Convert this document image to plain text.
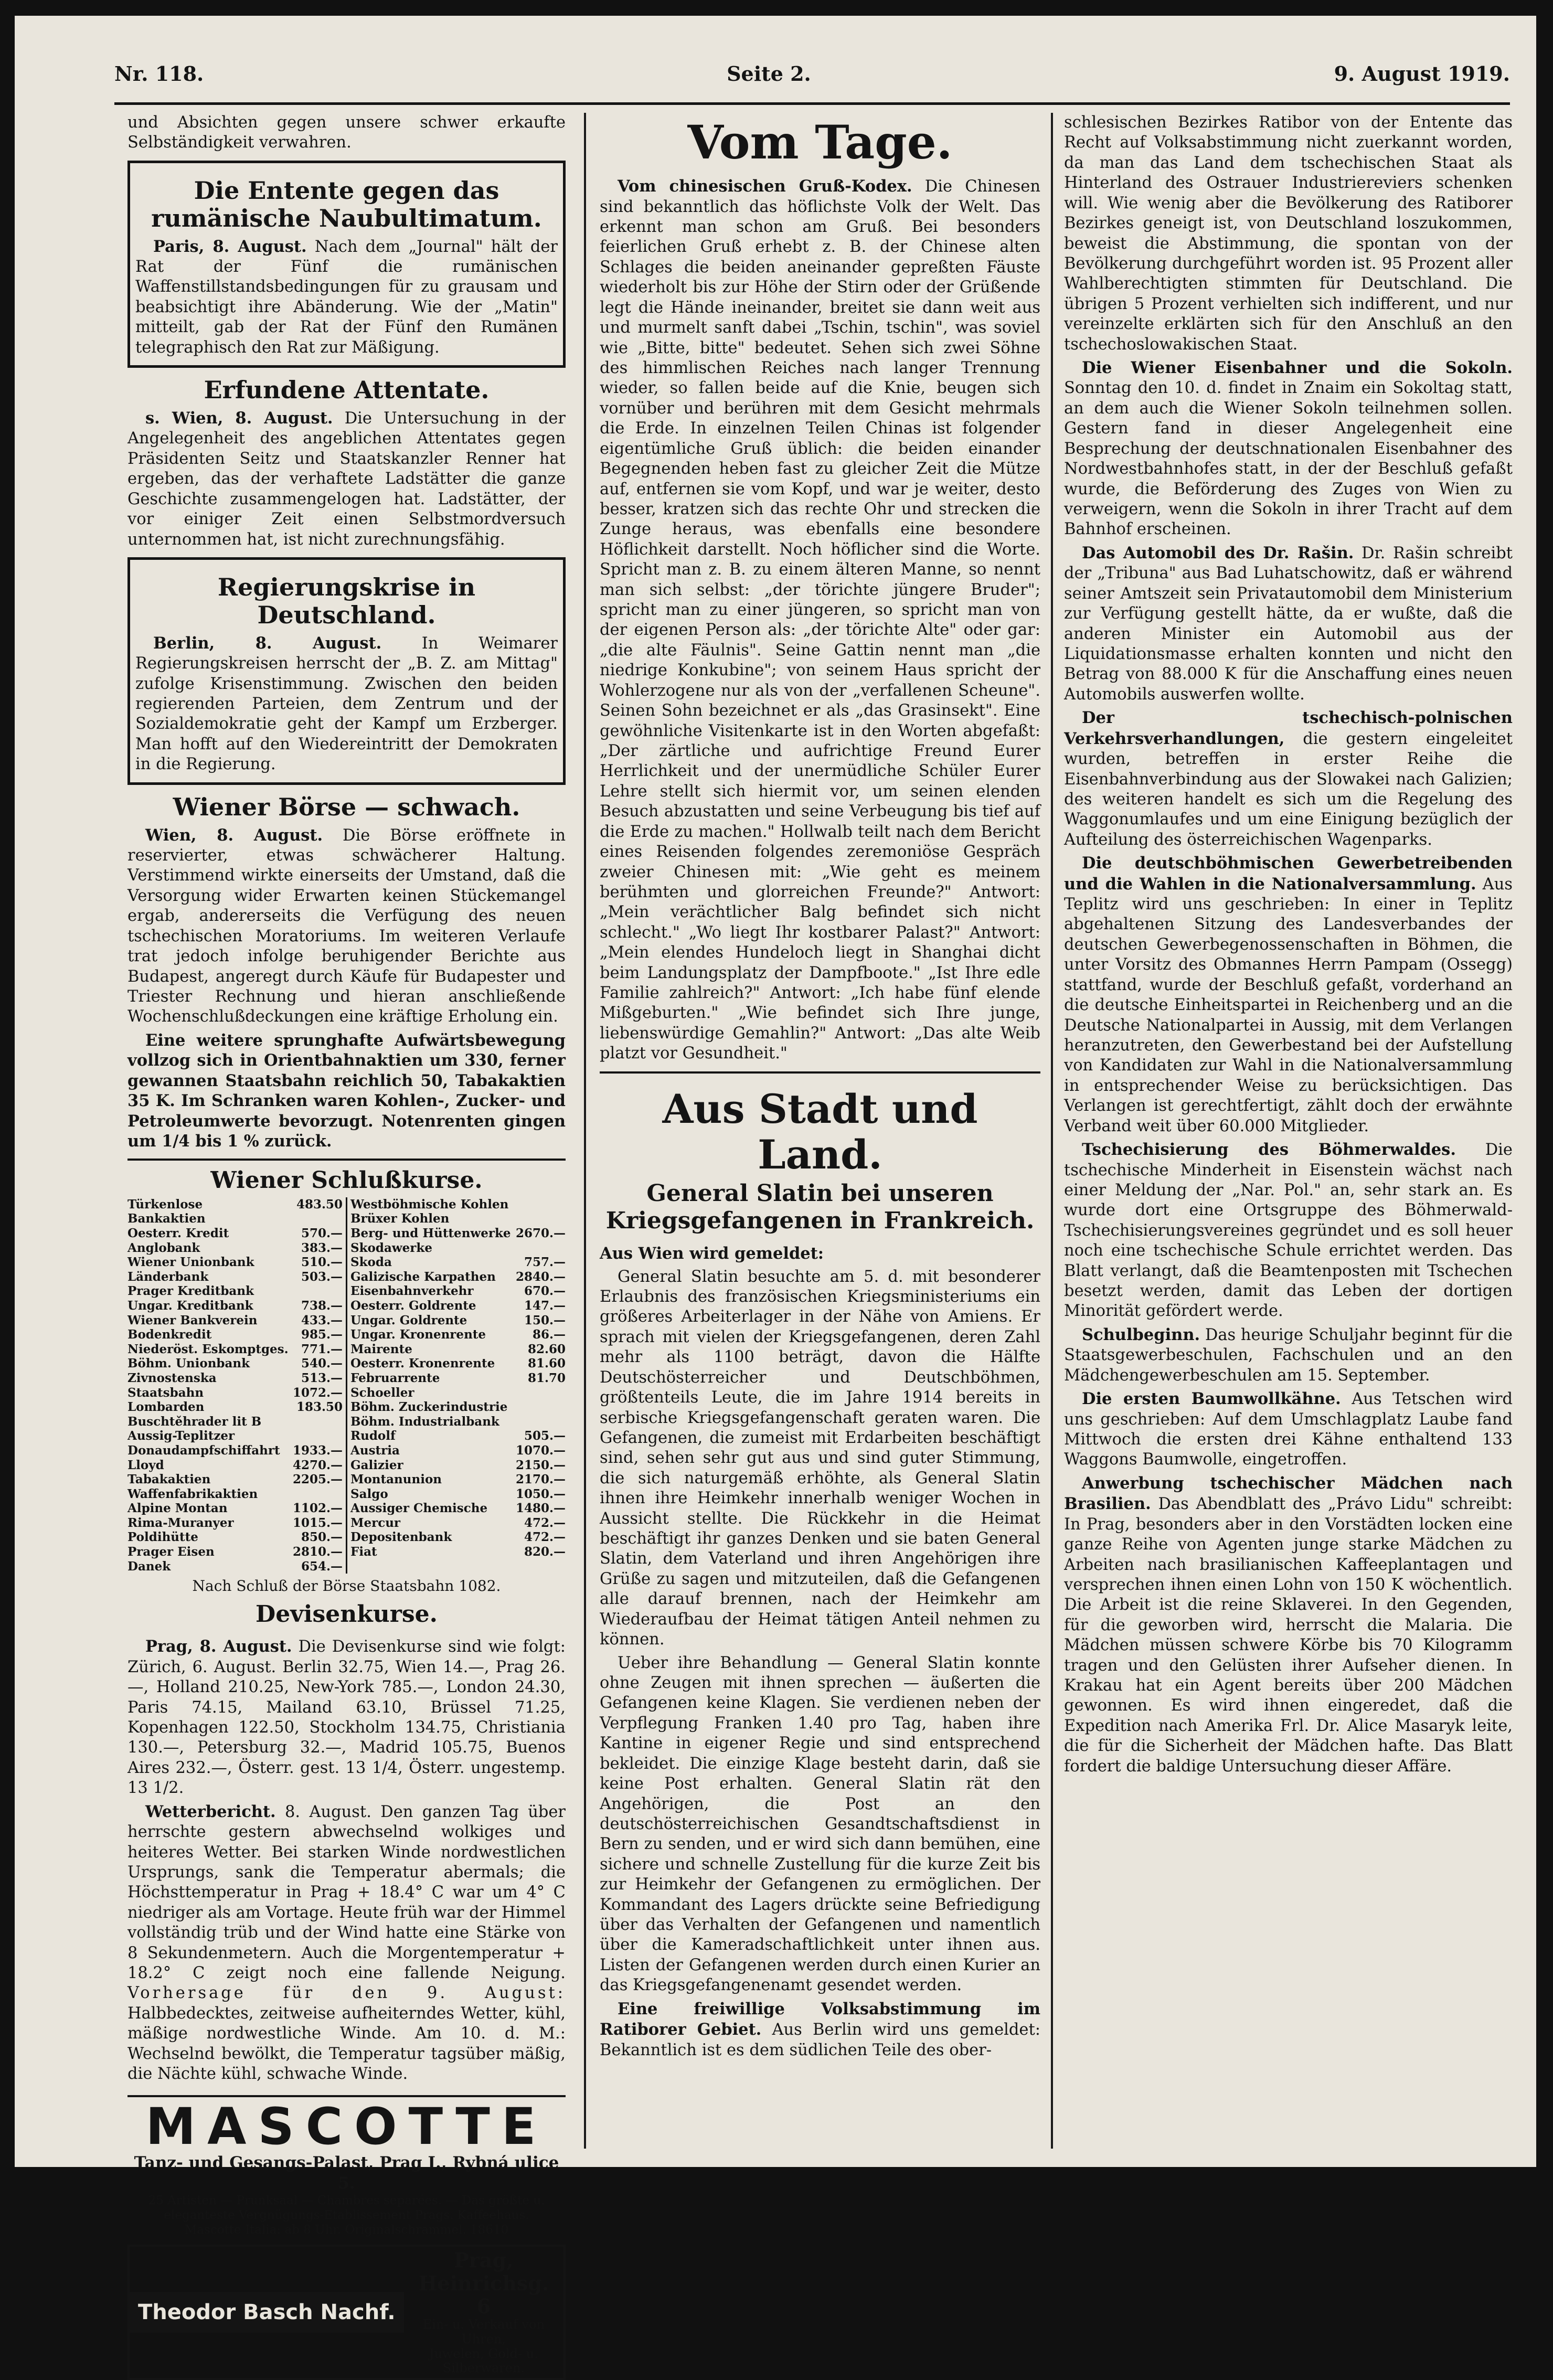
Nr. 118.	Seite 2.	9. August 1919.

und Absichten gegen unsere schwer erkaufte Selbständigkeit verwahren.

Die Entente gegen das rumänische Naubultimatum.

Paris, 8. August. Nach dem „Journal" hält der Rat der Fünf die rumänischen Waffenstillstandsbedingungen für zu grausam und beabsichtigt ihre Abänderung. Wie der „Matin" mitteilt, gab der Rat der Fünf den Rumänen telegraphisch den Rat zur Mäßigung.

Erfundene Attentate.

s. Wien, 8. August. Die Untersuchung in der Angelegenheit des angeblichen Attentates gegen Präsidenten Seitz und Staatskanzler Renner hat ergeben, das der verhaftete Ladstätter die ganze Geschichte zusammengelogen hat. Ladstätter, der vor einiger Zeit einen Selbstmordversuch unternommen hat, ist nicht zurechnungsfähig.

Regierungskrise in Deutschland.

Berlin, 8. August.	In Weimarer Regierungskreisen herrscht der „B. Z. am Mittag" zufolge Krisenstimmung. Zwischen den beiden regierenden Parteien, dem Zentrum und der Sozialdemokratie geht der Kampf um Erzberger. Man hofft auf den Wiedereintritt der Demokraten in die Regierung.

Wiener Börse — schwach.

Wien, 8. August. Die Börse eröffnete in reservierter, etwas schwächerer Haltung. Verstimmend wirkte einerseits der Umstand, daß die Versorgung wider Erwarten keinen Stückemangel ergab, andererseits die Verfügung des neuen tschechischen Moratoriums. Im weiteren Verlaufe trat jedoch infolge beruhigender Berichte aus Budapest, angeregt durch Käufe für Budapester und Triester Rechnung und hieran anschließende Wochenschlußdeckungen eine kräftige Erholung ein.

Eine weitere sprunghafte Aufwärtsbewegung vollzog sich in Orientbahnaktien um 330, ferner gewannen Staatsbahn reichlich 50, Tabakaktien 35 K. Im Schranken waren Kohlen-, Zucker- und Petroleumwerte bevorzugt. Notenrenten gingen um 1/4 bis 1 % zurück.

Wiener Schlußkurse.
Türkenlose	483.50
Bankaktien
Oesterr. Kredit	570.—
Anglobank	383.—
Wiener Unionbank	510.—
Länderbank	503.—
Prager Kreditbank
Ungar. Kreditbank	738.—
Wiener Bankverein	433.—
Bodenkredit	985.—
Niederöst. Eskomptges. 771.—
Böhm. Unionbank	540.—
Zivnostenska	513.—
Staatsbahn	1072.—
Lombarden	183.50
Buschtěhrader lit B
Aussig-Teplitzer
Donaudampfschiffahrt 1933.—
Lloyd	4270.—
Tabakaktien	2205.—
Waffenfabrikaktien
Alpine Montan	1102.—
Rima-Muranyer	1015.—
Poldihütte	850.—
Prager Eisen	2810.—
Danek	654.—
Westböhmische Kohlen
Brüxer Kohlen
Berg- und Hüttenwerke 2670.—
Skodawerke
Skoda	757.—
Galizische Karpathen 2840.—
Eisenbahnverkehr	670.—
Oesterr. Goldrente	147.—
Ungar. Goldrente	150.—
Ungar. Kronenrente	86.—
Mairente	82.60
Oesterr. Kronenrente	81.60
Februarrente	81.70
Schoeller
Böhm. Zuckerindustrie
Böhm. Industrialbank
Rudolf	505.—
Austria	1070.—
Galizier	2150.—
Montanunion	2170.—
Salgo	1050.—
Aussiger Chemische 1480.—
Mercur	472.—
Depositenbank	472.—
Fiat	820.—
Nach Schluß der Börse Staatsbahn 1082.
Devisenkurse.

Prag, 8. August. Die Devisenkurse sind wie folgt: Zürich, 6. August. Berlin 32.75, Wien 14.—, Prag 26.—, Holland 210.25, New-York 785.—, London 24.30, Paris 74.15, Mailand 63.10, Brüssel 71.25, Kopenhagen 122.50, Stockholm 134.75, Christiania 130.—, Petersburg 32.—, Madrid 105.75, Buenos Aires 232.—, Österr. gest. 13 1/4, Österr. ungestemp. 13 1/2.

Wetterbericht. 8. August. Den ganzen Tag über herrschte gestern abwechselnd wolkiges und heiteres Wetter. Bei starken Winde nordwestlichen Ursprungs, sank die Temperatur abermals; die Höchsttemperatur in Prag + 18.4° C war um 4° C niedriger als am Vortage. Heute früh war der Himmel vollständig trüb und der Wind hatte eine Stärke von 8 Sekundenmetern. Auch die Morgentemperatur + 18.2° C zeigt noch eine fallende Neigung. Vorhersage für den 9. August: Halbbedecktes, zeitweise aufheiterndes Wetter, kühl, mäßige nordwestliche Winde. Am 10. d. M.: Wechselnd bewölkt, die Temperatur tagsüber mäßig, die Nächte kühl, schwache Winde.

MASCOTTE
Tanz- und Gesangs-Palast, Prag I., Rybná ulice 5.
25 Artisten — Prunksaal — Chambres separées. — Das größte u. eleganteste Vergnügungs-Etablissement Prags. Kaffeehaus.
Mascotte Italia: ab 8 Uhr. Originalschrammel. 18610
Theodor Basch Nachf.
Prag, Heinrichsg. 6
Ein- u. Verkauf von Uhren,
Juwelen, Gold- u. Silberwaren.
Vom Tage.

Vom chinesischen Gruß-Kodex. Die Chinesen sind bekanntlich das höflichste Volk der Welt. Das erkennt man schon am Gruß. Bei besonders feierlichen Gruß erhebt z. B. der Chinese alten Schlages die beiden aneinander gepreßten Fäuste wiederholt bis zur Höhe der Stirn oder der Grüßende legt die Hände ineinander, breitet sie dann weit aus und murmelt sanft dabei „Tschin, tschin", was soviel wie „Bitte, bitte" bedeutet. Sehen sich zwei Söhne des himmlischen Reiches nach langer Trennung wieder, so fallen beide auf die Knie, beugen sich vornüber und berühren mit dem Gesicht mehrmals die Erde. In einzelnen Teilen Chinas ist folgender eigentümliche Gruß üblich: die beiden einander Begegnenden heben fast zu gleicher Zeit die Mütze auf, entfernen sie vom Kopf, und war je weiter, desto besser, kratzen sich das rechte Ohr und strecken die Zunge heraus, was ebenfalls eine besondere Höflichkeit darstellt. Noch höflicher sind die Worte. Spricht man z. B. zu einem älteren Manne, so nennt man sich selbst: „der törichte jüngere Bruder"; spricht man zu einer jüngeren, so spricht man von der eigenen Person als: „der törichte Alte" oder gar: „die alte Fäulnis". Seine Gattin nennt man „die niedrige Konkubine"; von seinem Haus spricht der Wohlerzogene nur als von der „verfallenen Scheune". Seinen Sohn bezeichnet er als „das Grasinsekt". Eine gewöhnliche Visitenkarte ist in den Worten abgefaßt: „Der zärtliche und aufrichtige Freund Eurer Herrlichkeit und der unermüdliche Schüler Eurer Lehre stellt sich hiermit vor, um seinen elenden Besuch abzustatten und seine Verbeugung bis tief auf die Erde zu machen." Hollwalb teilt nach dem Bericht eines Reisenden folgendes zeremoniöse Gespräch zweier Chinesen mit: „Wie geht es meinem berühmten und glorreichen Freunde?" Antwort: „Mein verächtlicher Balg befindet sich nicht schlecht." „Wo liegt Ihr kostbarer Palast?" Antwort: „Mein elendes Hundeloch liegt in Shanghai dicht beim Landungsplatz der Dampfboote." „Ist Ihre edle Familie zahlreich?" Antwort: „Ich habe fünf elende Mißgeburten." „Wie befindet sich Ihre junge, liebenswürdige Gemahlin?" Antwort: „Das alte Weib platzt vor Gesundheit."

Aus Stadt und Land.
General Slatin bei unseren Kriegsgefangenen in Frankreich.

Aus Wien wird gemeldet:

General Slatin besuchte am 5. d. mit besonderer Erlaubnis des französischen Kriegsministeriums ein größeres Arbeiterlager in der Nähe von Amiens. Er sprach mit vielen der Kriegsgefangenen, deren Zahl mehr als 1100 beträgt, davon die Hälfte Deutschösterreicher und Deutschböhmen, größtenteils Leute, die im Jahre 1914 bereits in serbische Kriegsgefangenschaft geraten waren. Die Gefangenen, die zumeist mit Erdarbeiten beschäftigt sind, sehen sehr gut aus und sind guter Stimmung, die sich naturgemäß erhöhte, als General Slatin ihnen ihre Heimkehr innerhalb weniger Wochen in Aussicht stellte. Die Rückkehr in die Heimat beschäftigt ihr ganzes Denken und sie baten General Slatin, dem Vaterland und ihren Angehörigen ihre Grüße zu sagen und mitzuteilen, daß die Gefangenen alle darauf brennen, nach der Heimkehr am Wiederaufbau der Heimat tätigen Anteil nehmen zu können.

Ueber ihre Behandlung — General Slatin konnte ohne Zeugen mit ihnen sprechen — äußerten die Gefangenen keine Klagen. Sie verdienen neben der Verpflegung Franken 1.40 pro Tag, haben ihre Kantine in eigener Regie und sind entsprechend bekleidet. Die einzige Klage besteht darin, daß sie keine Post erhalten. General Slatin rät den Angehörigen, die Post an den deutschösterreichischen Gesandtschaftsdienst in Bern zu senden, und er wird sich dann bemühen, eine sichere und schnelle Zustellung für die kurze Zeit bis zur Heimkehr der Gefangenen zu ermöglichen. Der Kommandant des Lagers drückte seine Befriedigung über das Verhalten der Gefangenen und namentlich über die Kameradschaftlichkeit unter ihnen aus. Listen der Gefangenen werden durch einen Kurier an das Kriegsgefangenenamt gesendet werden.

Eine freiwillige Volksabstimmung im Ratiborer Gebiet. Aus Berlin wird uns gemeldet: Bekanntlich ist es dem südlichen Teile des ober-

schlesischen Bezirkes Ratibor von der Entente das Recht auf Volksabstimmung nicht zuerkannt worden, da man das Land dem tschechischen Staat als Hinterland des Ostrauer Industriereviers schenken will. Wie wenig aber die Bevölkerung des Ratiborer Bezirkes geneigt ist, von Deutschland loszukommen, beweist die Abstimmung, die spontan von der Bevölkerung durchgeführt worden ist. 95 Prozent aller Wahlberechtigten stimmten für Deutschland. Die übrigen 5 Prozent verhielten sich indifferent, und nur vereinzelte erklärten sich für den Anschluß an den tschechoslowakischen Staat.

Die Wiener Eisenbahner und die Sokoln. Sonntag den 10. d. findet in Znaim ein Sokoltag statt, an dem auch die Wiener Sokoln teilnehmen sollen. Gestern fand in dieser Angelegenheit eine Besprechung der deutschnationalen Eisenbahner des Nordwestbahnhofes statt, in der der Beschluß gefaßt wurde, die Beförderung des Zuges von Wien zu verweigern, wenn die Sokoln in ihrer Tracht auf dem Bahnhof erscheinen.

Das Automobil des Dr. Rašin. Dr. Rašin schreibt der „Tribuna" aus Bad Luhatschowitz, daß er während seiner Amtszeit sein Privatautomobil dem Ministerium zur Verfügung gestellt hätte, da er wußte, daß die anderen Minister ein Automobil aus der Liquidationsmasse erhalten konnten und nicht den Betrag von 88.000 K für die Anschaffung eines neuen Automobils auswerfen wollte.

Der tschechisch-polnischen Verkehrsverhandlungen, die gestern eingeleitet wurden, betreffen in erster Reihe die Eisenbahnverbindung aus der Slowakei nach Galizien; des weiteren handelt es sich um die Regelung des Waggonumlaufes und um eine Einigung bezüglich der Aufteilung des österreichischen Wagenparks.

Die deutschböhmischen Gewerbetreibenden und die Wahlen in die Nationalversammlung. Aus Teplitz wird uns geschrieben: In einer in Teplitz abgehaltenen Sitzung des Landesverbandes der deutschen Gewerbegenossenschaften in Böhmen, die unter Vorsitz des Obmannes Herrn Pampam (Ossegg) stattfand, wurde der Beschluß gefaßt, vorderhand an die deutsche Einheitspartei in Reichenberg und an die Deutsche Nationalpartei in Aussig, mit dem Verlangen heranzutreten, den Gewerbestand bei der Aufstellung von Kandidaten zur Wahl in die Nationalversammlung in entsprechender Weise zu berücksichtigen. Das Verlangen ist gerechtfertigt, zählt doch der erwähnte Verband weit über 60.000 Mitglieder.

Tschechisierung des Böhmerwaldes. Die tschechische Minderheit in Eisenstein wächst nach einer Meldung der „Nar. Pol." an, sehr stark an. Es wurde dort eine Ortsgruppe des Böhmerwald-Tschechisierungsvereines gegründet und es soll heuer noch eine tschechische Schule errichtet werden. Das Blatt verlangt, daß die Beamtenposten mit Tschechen besetzt werden, damit das Leben der dortigen Minorität gefördert werde.

Schulbeginn. Das heurige Schuljahr beginnt für die Staatsgewerbeschulen, Fachschulen und an den Mädchengewerbeschulen am 15. September.

Die ersten Baumwollkähne. Aus Tetschen wird uns geschrieben: Auf dem Umschlagplatz Laube fand Mittwoch die ersten drei Kähne enthaltend 133 Waggons Baumwolle, eingetroffen.

Anwerbung tschechischer Mädchen nach Brasilien. Das Abendblatt des „Právo Lidu" schreibt: In Prag, besonders aber in den Vorstädten locken eine ganze Reihe von Agenten junge starke Mädchen zu Arbeiten nach brasilianischen Kaffeeplantagen und versprechen ihnen einen Lohn von 150 K wöchentlich. Die Arbeit ist die reine Sklaverei. In den Gegenden, für die geworben wird, herrscht die Malaria. Die Mädchen müssen schwere Körbe bis 70 Kilogramm tragen und den Gelüsten ihrer Aufseher dienen. In Krakau hat ein Agent bereits über 200 Mädchen gewonnen. Es wird ihnen eingeredet, daß die Expedition nach Amerika Frl. Dr. Alice Masaryk leite, die für die Sicherheit der Mädchen hafte. Das Blatt fordert die baldige Untersuchung dieser Affäre.
